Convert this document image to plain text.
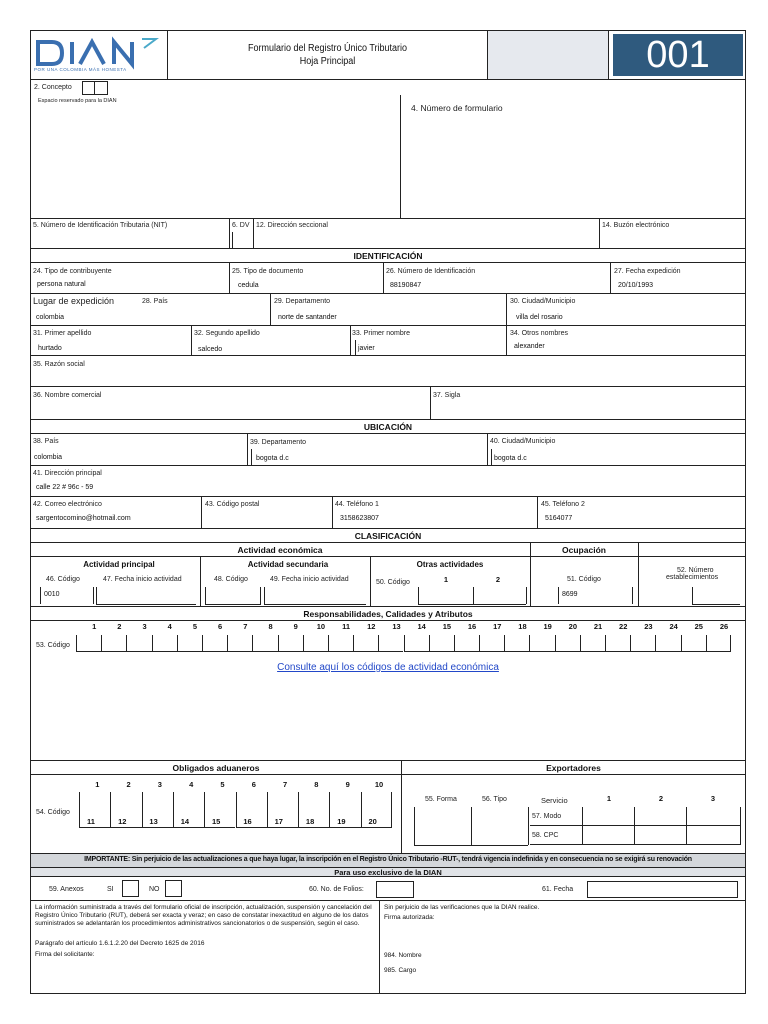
POR UNA COLOMBIA MÁS HONESTA
Formulario del Registro Único Tributario
Hoja Principal	001
2. Concepto
Espacio reservado para la DIAN
4. Número de formulario
5. Número de Identificación Tributaria (NIT)	6. DV 12. Dirección seccional	14. Buzón electrónico
IDENTIFICACIÓN
24. Tipo de contribuyente
persona natural
25. Tipo de documento
cedula
26. Número de Identificación
88190847
27. Fecha expedición
20/10/1993
Lugar de expedición	28. País
colombia
29. Departamento
norte de santander
30. Ciudad/Municipio
villa del rosario
31. Primer apellido
hurtado
32. Segundo apellido
salcedo
33. Primer nombre
javier
34. Otros nombres
alexander
35. Razón social
36. Nombre comercial	37. Sigla
UBICACIÓN
38. País
colombia
39. Departamento
bogota d.c
40. Ciudad/Municipio
bogota d.c
41. Dirección principal
calle 22 # 96c - 59
42. Correo electrónico
sargentocomino@hotmail.com
43. Código postal	44. Teléfono 1
3158623807
45. Teléfono 2
5164077
CLASIFICACIÓN
Actividad económica	Ocupación
Actividad principal	Actividad secundaria	Otras actividades
46. Código	47. Fecha inicio actividad
0010
48. Código	49. Fecha inicio actividad	50. Código	1	2	51. Código
8699
52. Número
establecimientos
Responsabilidades, Calidades y Atributos
53. Código
1	2	3	4	5	6	7	8	9	10	11	12	13	14	15	16	17	18	19	20	21	22	23	24	25	26
Consulte aquí los códigos de actividad económica
Obligados aduaneros	Exportadores
54. Código
1	2	3	4	5	6	7	8	9	10
11	12	13	14	15	16	17	18	19	20
55. Forma	56. Tipo	Servicio	1	2	3
57. Modo
58. CPC
IMPORTANTE: Sin perjuicio de las actualizaciones a que haya lugar, la inscripción en el Registro Único Tributario -RUT-, tendrá vigencia indefinida y en consecuencia no se exigirá su renovación
Para uso exclusivo de la DIAN
59. Anexos	SI	NO	60. No. de Folios:	61. Fecha
La información suministrada a través del formulario oficial de inscripción, actualización, suspensión y cancelación del Registro Único Tributario (RUT), deberá ser exacta y veraz; en caso de constatar inexactitud en alguno de los datos suministrados se adelantarán los procedimientos administrativos sancionatorios o de suspensión, según el caso.
Parágrafo del artículo 1.6.1.2.20 del Decreto 1625 de 2016
Firma del solicitante:
Sin perjuicio de las verificaciones que la DIAN realice.
Firma autorizada:
984. Nombre
985. Cargo
